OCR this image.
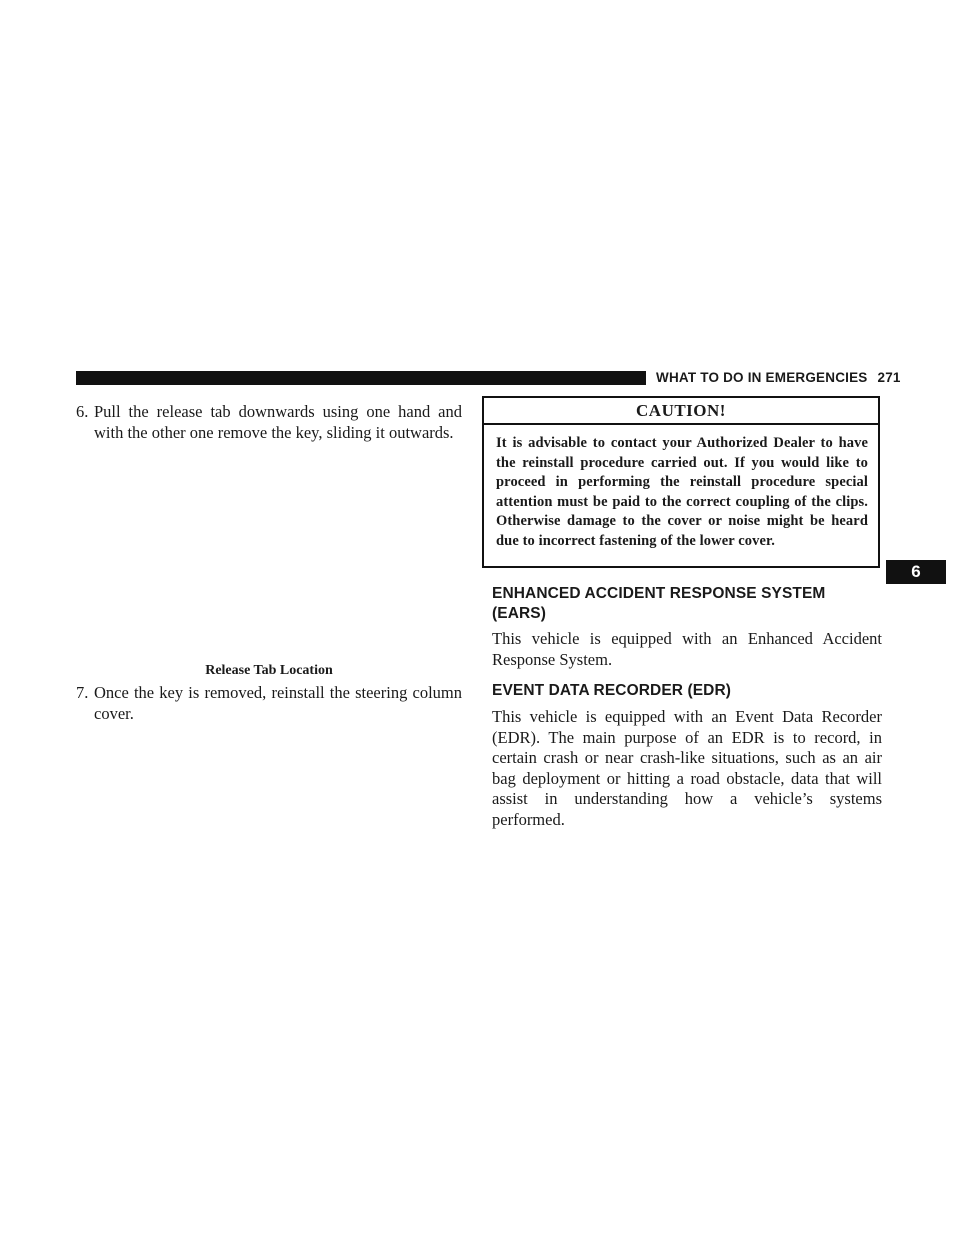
WHAT TO DO IN EMERGENCIES 271
6. Pull the release tab downwards using one hand and with the other one remove the key, sliding it outwards.
Release Tab Location
7. Once the key is removed, reinstall the steering column cover.
CAUTION!
It is advisable to contact your Authorized Dealer to have the reinstall procedure carried out. If you would like to proceed in performing the reinstall procedure special attention must be paid to the correct coupling of the clips. Otherwise damage to the cover or noise might be heard due to incorrect fastening of the lower cover.
ENHANCED ACCIDENT RESPONSE SYSTEM (EARS)
This vehicle is equipped with an Enhanced Accident Response System.
EVENT DATA RECORDER (EDR)
This vehicle is equipped with an Event Data Recorder (EDR). The main purpose of an EDR is to record, in certain crash or near crash-like situations, such as an air bag deployment or hitting a road obstacle, data that will assist in understanding how a vehicle’s systems performed.
6
